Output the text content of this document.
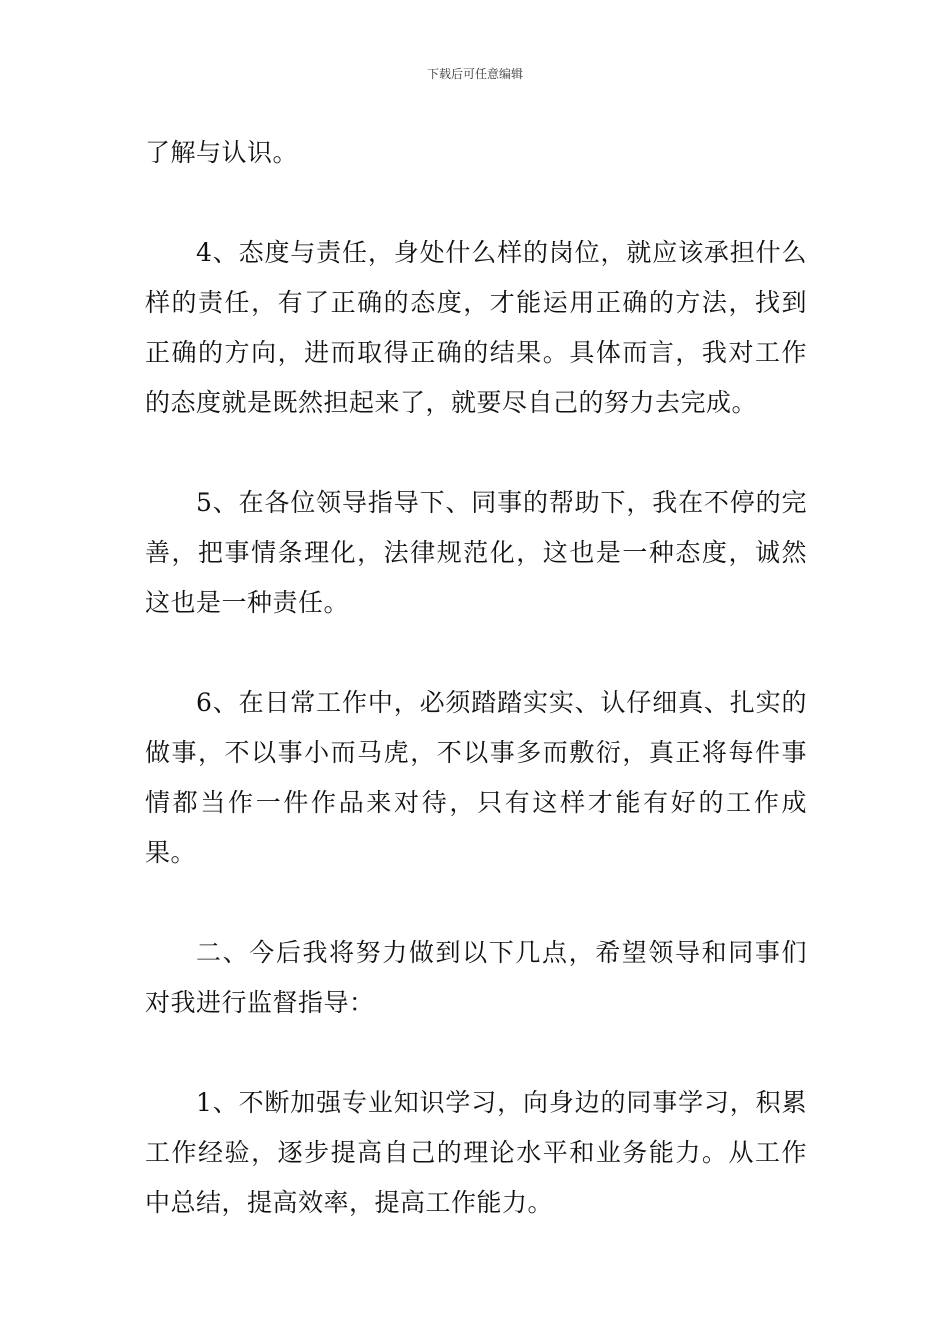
下载后可任意编辑

了解与认识。

4、态度与责任，身处什么样的岗位，就应该承担什么样的责任，有了正确的态度，才能运用正确的方法，找到正确的方向，进而取得正确的结果。具体而言，我对工作的态度就是既然担起来了，就要尽自己的努力去完成。

5、在各位领导指导下、同事的帮助下，我在不停的完善，把事情条理化，法律规范化，这也是一种态度，诚然这也是一种责任。

6、在日常工作中，必须踏踏实实、认仔细真、扎实的做事，不以事小而马虎，不以事多而敷衍，真正将每件事情都当作一件作品来对待，只有这样才能有好的工作成果。

二、今后我将努力做到以下几点，希望领导和同事们对我进行监督指导：

1、不断加强专业知识学习，向身边的同事学习，积累工作经验，逐步提高自己的理论水平和业务能力。从工作中总结，提高效率，提高工作能力。
